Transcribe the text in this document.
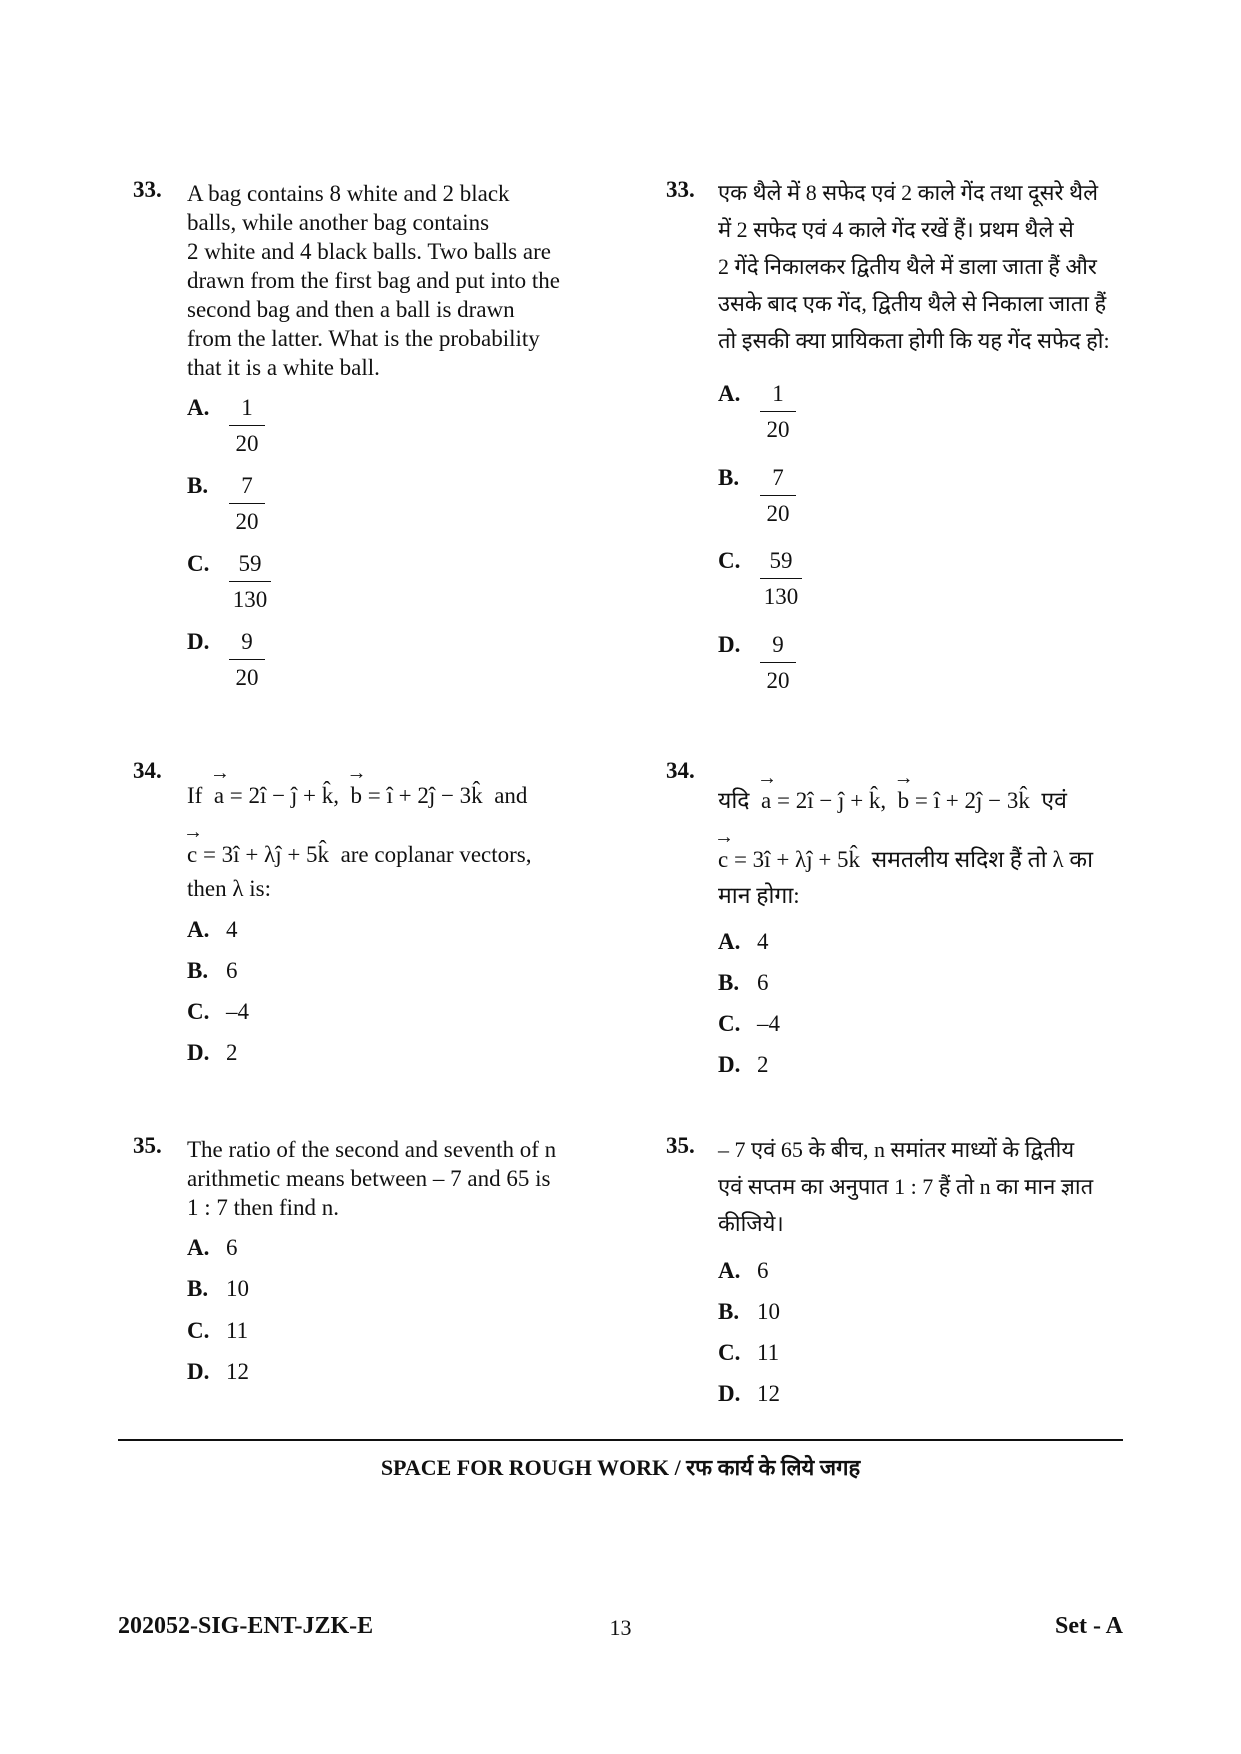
33. A bag contains 8 white and 2 black
balls, while another bag contains
2 white and 4 black balls. Two balls are
drawn from the first bag and put into the
second bag and then a ball is drawn
from the latter. What is the probability
that it is a white ball.
A.	1
20
B.	7
20
C.	59
130
D.	9
20
33. एक थैले में 8 सफेद एवं 2 काले गेंद तथा दूसरे थैले
में 2 सफेद एवं 4 काले गेंद रखें हैं। प्रथम थैले से
2 गेंदे निकालकर द्वितीय थैले में डाला जाता हैं और
उसके बाद एक गेंद, द्वितीय थैले से निकाला जाता हैं
तो इसकी क्या प्रायिकता होगी कि यह गेंद सफेद हो:
A.	1
20
B.	7
20
C.	59
130
D.	9
20
34.
If
→
a = 2î − ĵ + k̂,
→
b = î + 2ĵ − 3k̂ and
→
c = 3î + λĵ + 5k̂ are coplanar vectors,
then λ is:
A. 4
B. 6
C. –4
D. 2
34.
यदि
→
a = 2î − ĵ + k̂,
→
b = î + 2ĵ − 3k̂ एवं
→
c = 3î + λĵ + 5k̂ समतलीय सदिश हैं तो λ का
मान होगा:
A. 4
B. 6
C. –4
D. 2
35. The ratio of the second and seventh of n
arithmetic means between – 7 and 65 is
1 : 7 then find n.
A. 6
B. 10
C. 11
D. 12
35. – 7 एवं 65 के बीच, n समांतर माध्यों के द्वितीय
एवं सप्तम का अनुपात 1 : 7 हैं तो n का मान ज्ञात
कीजिये।
A. 6
B. 10
C. 11
D. 12
SPACE FOR ROUGH WORK / रफ कार्य के लिये जगह
202052-SIG-ENT-JZK-E	13	Set - A
